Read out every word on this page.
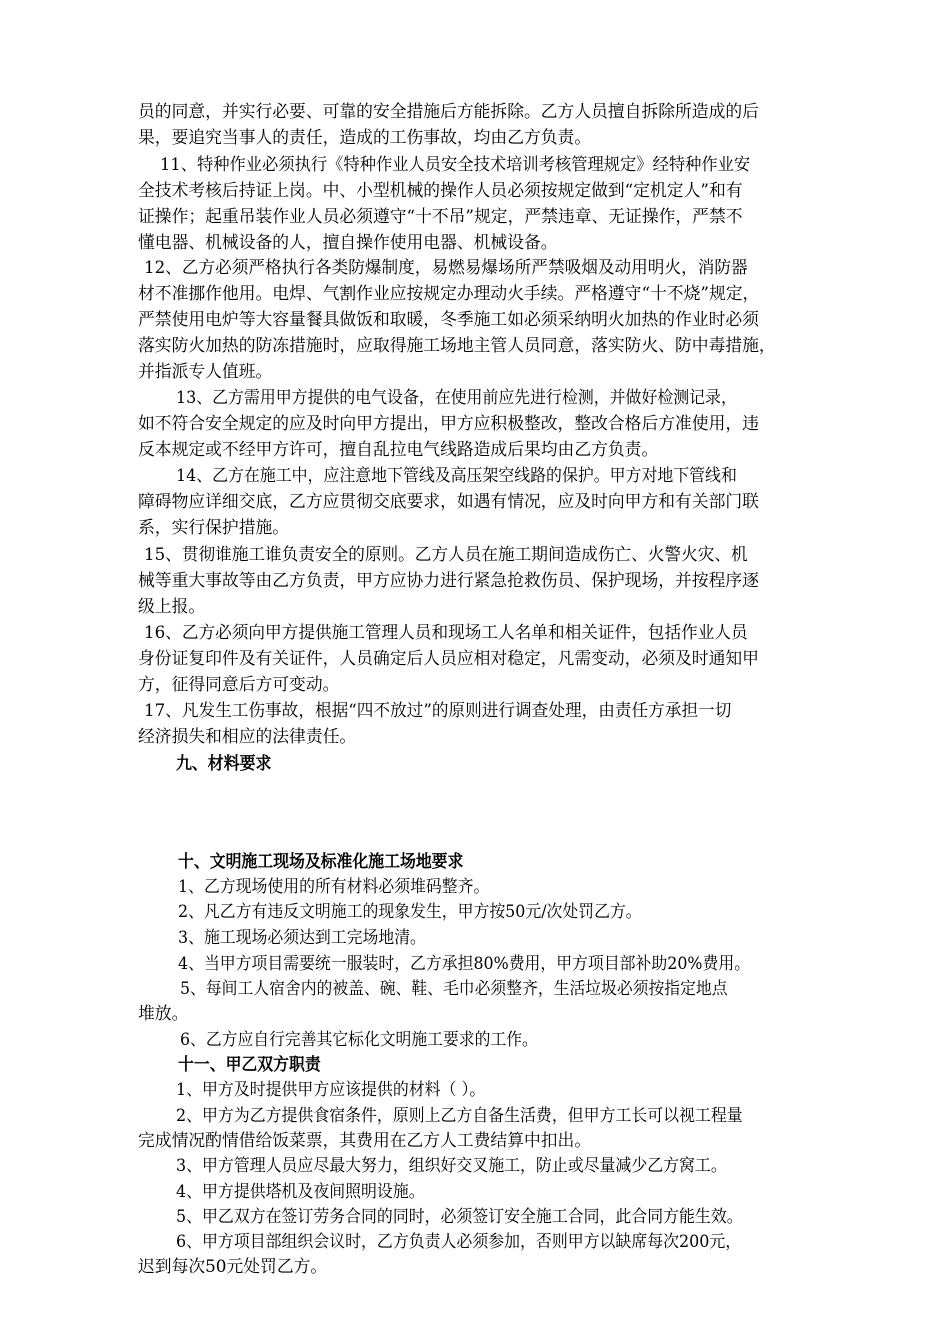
员的同意，并实行必要、可靠的安全措施后方能拆除。乙方人员擅自拆除所造成的后
果，要追究当事人的责任，造成的工伤事故，均由乙方负责。
11、特种作业必须执行《特种作业人员安全技术培训考核管理规定》经特种作业安
全技术考核后持证上岗。中、小型机械的操作人员必须按规定做到“定机定人”和有
证操作；起重吊装作业人员必须遵守“十不吊”规定，严禁违章、无证操作，严禁不
懂电器、机械设备的人，擅自操作使用电器、机械设备。
12、乙方必须严格执行各类防爆制度，易燃易爆场所严禁吸烟及动用明火，消防器
材不准挪作他用。电焊、气割作业应按规定办理动火手续。严格遵守“十不烧”规定，
严禁使用电炉等大容量餐具做饭和取暖，冬季施工如必须采纳明火加热的作业时必须
落实防火加热的防冻措施时，应取得施工场地主管人员同意，落实防火、防中毒措施，
并指派专人值班。
13、乙方需用甲方提供的电气设备，在使用前应先进行检测，并做好检测记录，
如不符合安全规定的应及时向甲方提出，甲方应积极整改，整改合格后方准使用，违
反本规定或不经甲方许可，擅自乱拉电气线路造成后果均由乙方负责。
14、乙方在施工中，应注意地下管线及高压架空线路的保护。甲方对地下管线和
障碍物应详细交底，乙方应贯彻交底要求，如遇有情况，应及时向甲方和有关部门联
系，实行保护措施。
15、贯彻谁施工谁负责安全的原则。乙方人员在施工期间造成伤亡、火警火灾、机
械等重大事故等由乙方负责，甲方应协力进行紧急抢救伤员、保护现场，并按程序逐
级上报。
16、乙方必须向甲方提供施工管理人员和现场工人名单和相关证件，包括作业人员
身份证复印件及有关证件，人员确定后人员应相对稳定，凡需变动，必须及时通知甲
方，征得同意后方可变动。
17、凡发生工伤事故，根据“四不放过”的原则进行调查处理，由责任方承担一切
经济损失和相应的法律责任。
九、材料要求
十、文明施工现场及标准化施工场地要求
1、乙方现场使用的所有材料必须堆码整齐。
2、凡乙方有违反文明施工的现象发生，甲方按50元/次处罚乙方。
3、施工现场必须达到工完场地清。
4、当甲方项目需要统一服装时，乙方承担80%费用，甲方项目部补助20%费用。
5、每间工人宿舍内的被盖、碗、鞋、毛巾必须整齐，生活垃圾必须按指定地点
堆放。
6、乙方应自行完善其它标化文明施工要求的工作。
十一、甲乙双方职责
1、甲方及时提供甲方应该提供的材料（ ）。
2、甲方为乙方提供食宿条件，原则上乙方自备生活费，但甲方工长可以视工程量
完成情况酌情借给饭菜票，其费用在乙方人工费结算中扣出。
3、甲方管理人员应尽最大努力，组织好交叉施工，防止或尽量减少乙方窝工。
4、甲方提供塔机及夜间照明设施。
5、甲乙双方在签订劳务合同的同时，必须签订安全施工合同，此合同方能生效。
6、甲方项目部组织会议时，乙方负责人必须参加，否则甲方以缺席每次200元，
迟到每次50元处罚乙方。
